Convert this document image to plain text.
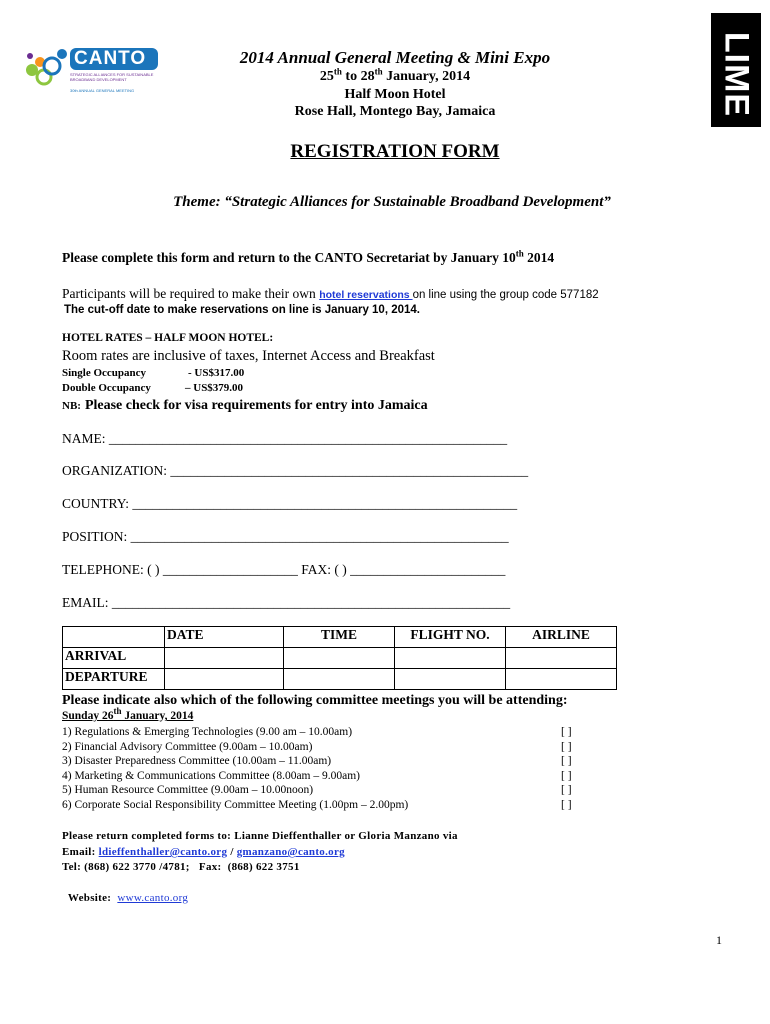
CANTO
STRATEGIC ALLIANCES FOR SUSTAINABLE BROADBAND DEVELOPMENT
30th ANNUAL GENERAL MEETING	LIME
2014 Annual General Meeting & Mini Expo
25th to 28th January, 2014
Half Moon Hotel
Rose Hall, Montego Bay, Jamaica
REGISTRATION FORM
Theme: “Strategic Alliances for Sustainable Broadband Development”
Please complete this form and return to the CANTO Secretariat by January 10th 2014
Participants will be required to make their own hotel reservations on line using the group code 577182
The cut-off date to make reservations on line is January 10, 2014.
HOTEL RATES – HALF MOON HOTEL:
Room rates are inclusive of taxes, Internet Access and Breakfast
Single Occupancy	- US$317.00
Double Occupancy	– US$379.00
NB: Please check for visa requirements for entry into Jamaica
NAME: ___________________________________________________________
ORGANIZATION: _____________________________________________________
COUNTRY: _________________________________________________________
POSITION: ________________________________________________________
TELEPHONE: ( ) ____________________ FAX: ( ) _______________________
EMAIL: ___________________________________________________________
	DATE	TIME	FLIGHT NO.	AIRLINE
ARRIVAL				
DEPARTURE				
Please indicate also which of the following committee meetings you will be attending:
Sunday 26th January, 2014
1) Regulations & Emerging Technologies (9.00 am – 10.00am)
2) Financial Advisory Committee (9.00am – 10.00am)
3) Disaster Preparedness Committee (10.00am – 11.00am)
4) Marketing & Communications Committee (8.00am – 9.00am)
5) Human Resource Committee (9.00am – 10.00noon)
6) Corporate Social Responsibility Committee Meeting (1.00pm – 2.00pm)
[ ]
[ ]
[ ]
[ ]
[ ]
[ ]
Please return completed forms to: Lianne Dieffenthaller or Gloria Manzano via
Email: ldieffenthaller@canto.org / gmanzano@canto.org
Tel: (868) 622 3770 /4781;   Fax:  (868) 622 3751

Website:  www.canto.org

1
